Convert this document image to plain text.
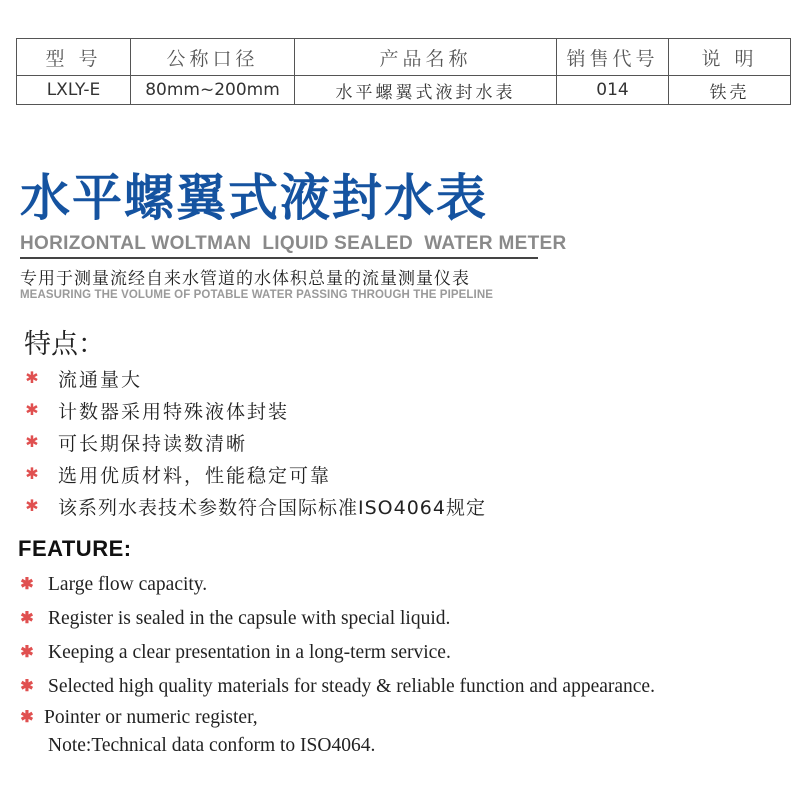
型 号	公称口径	产品名称	销售代号	说 明
LXLY-E	80mm~200mm	水平螺翼式液封水表	014	铁壳
水平螺翼式液封水表
HORIZONTAL WOLTMAN  LIQUID SEALED  WATER METER
专用于测量流经自来水管道的水体积总量的流量测量仪表
MEASURING THE VOLUME OF POTABLE WATER PASSING THROUGH THE PIPELINE
特点：
✱ 流通量大
✱ 计数器采用特殊液体封装
✱ 可长期保持读数清晰
✱ 选用优质材料，性能稳定可靠
✱ 该系列水表技术参数符合国际标准ISO4064规定
FEATURE:
✱ Large flow capacity.
✱ Register is sealed in the capsule with special liquid.
✱ Keeping a clear presentation in a long-term service.
✱ Selected high quality materials for steady & reliable function and appearance.
✱ Pointer or numeric register,
Note:Technical data conform to ISO4064.
